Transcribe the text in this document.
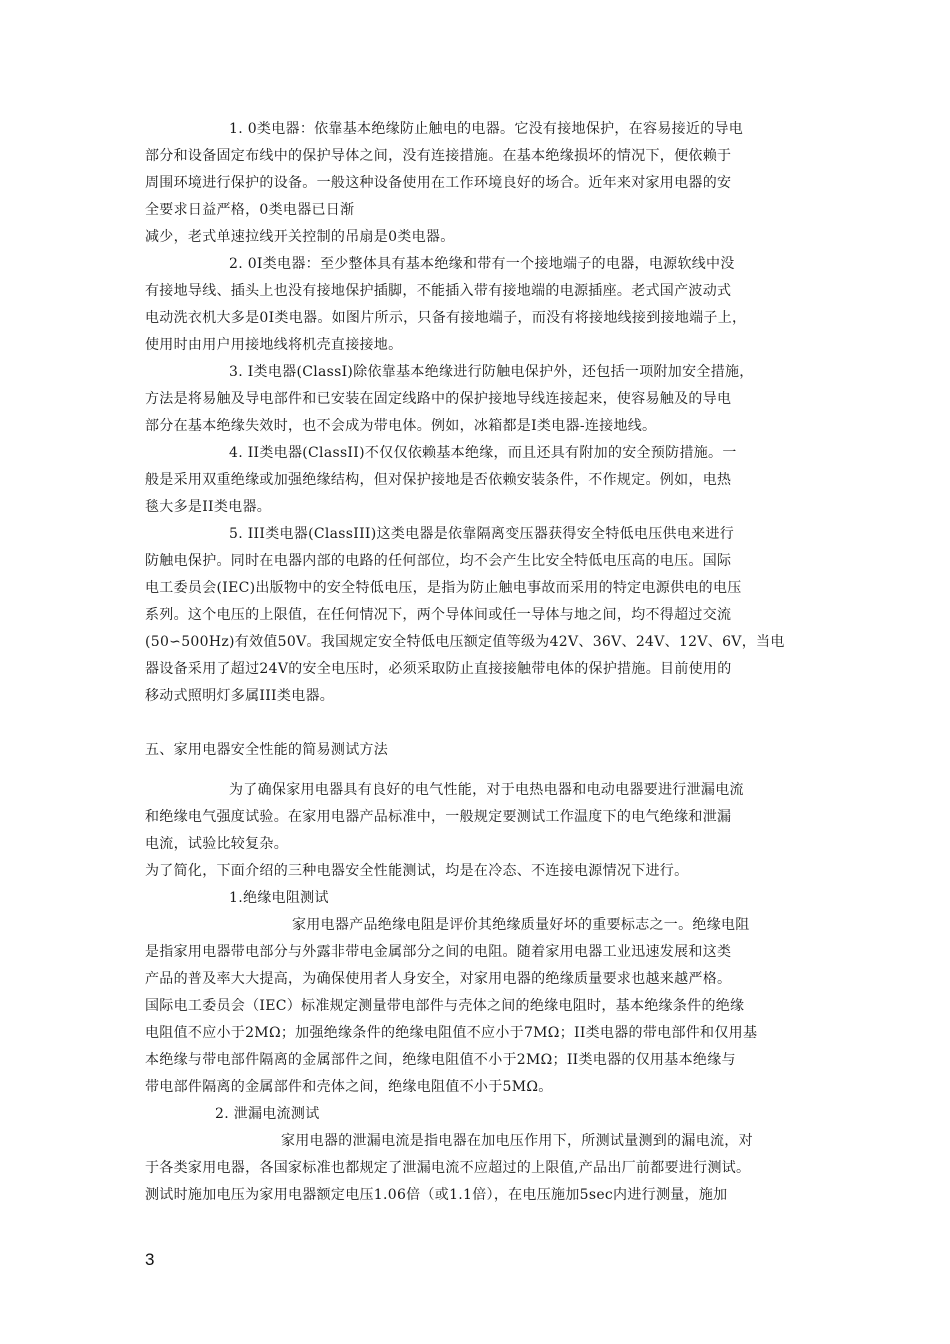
1. 0类电器：依靠基本绝缘防止触电的电器。它没有接地保护，在容易接近的导电
部分和设备固定布线中的保护导体之间，没有连接措施。在基本绝缘损坏的情况下，便依赖于
周围环境进行保护的设备。一般这种设备使用在工作环境良好的场合。近年来对家用电器的安
全要求日益严格，0类电器已日渐
减少，老式单速拉线开关控制的吊扇是0类电器。
2. 0I类电器：至少整体具有基本绝缘和带有一个接地端子的电器，电源软线中没
有接地导线、插头上也没有接地保护插脚，不能插入带有接地端的电源插座。老式国产波动式
电动洗衣机大多是0I类电器。如图片所示，只备有接地端子，而没有将接地线接到接地端子上，
使用时由用户用接地线将机壳直接接地。
3. I类电器(ClassI)除依靠基本绝缘进行防触电保护外，还包括一项附加安全措施，
方法是将易触及导电部件和已安装在固定线路中的保护接地导线连接起来，使容易触及的导电
部分在基本绝缘失效时，也不会成为带电体。例如，冰箱都是I类电器-连接地线。
4. II类电器(ClassII)不仅仅依赖基本绝缘，而且还具有附加的安全预防措施。一
般是采用双重绝缘或加强绝缘结构，但对保护接地是否依赖安装条件，不作规定。例如，电热
毯大多是II类电器。
5. III类电器(ClassIII)这类电器是依靠隔离变压器获得安全特低电压供电来进行
防触电保护。同时在电器内部的电路的任何部位，均不会产生比安全特低电压高的电压。国际
电工委员会(IEC)出版物中的安全特低电压，是指为防止触电事故而采用的特定电源供电的电压
系列。这个电压的上限值，在任何情况下，两个导体间或任一导体与地之间，均不得超过交流
(50∽500Hz)有效值50V。我国规定安全特低电压额定值等级为42V、36V、24V、12V、6V，当电
器设备采用了超过24V的安全电压时，必须采取防止直接接触带电体的保护措施。目前使用的
移动式照明灯多属III类电器。
五、家用电器安全性能的简易测试方法
为了确保家用电器具有良好的电气性能，对于电热电器和电动电器要进行泄漏电流
和绝缘电气强度试验。在家用电器产品标准中，一般规定要测试工作温度下的电气绝缘和泄漏
电流，试验比较复杂。
为了简化，下面介绍的三种电器安全性能测试，均是在冷态、不连接电源情况下进行。
1.绝缘电阻测试
家用电器产品绝缘电阻是评价其绝缘质量好坏的重要标志之一。绝缘电阻
是指家用电器带电部分与外露非带电金属部分之间的电阻。随着家用电器工业迅速发展和这类
产品的普及率大大提高，为确保使用者人身安全，对家用电器的绝缘质量要求也越来越严格。
国际电工委员会（IEC）标准规定测量带电部件与壳体之间的绝缘电阻时，基本绝缘条件的绝缘
电阻值不应小于2MΩ；加强绝缘条件的绝缘电阻值不应小于7MΩ；II类电器的带电部件和仅用基
本绝缘与带电部件隔离的金属部件之间，绝缘电阻值不小于2MΩ；II类电器的仅用基本绝缘与
带电部件隔离的金属部件和壳体之间，绝缘电阻值不小于5MΩ。
2. 泄漏电流测试
家用电器的泄漏电流是指电器在加电压作用下，所测试量测到的漏电流，对
于各类家用电器，各国家标准也都规定了泄漏电流不应超过的上限值,产品出厂前都要进行测试。
测试时施加电压为家用电器额定电压1.06倍（或1.1倍），在电压施加5sec内进行测量，施加
3
